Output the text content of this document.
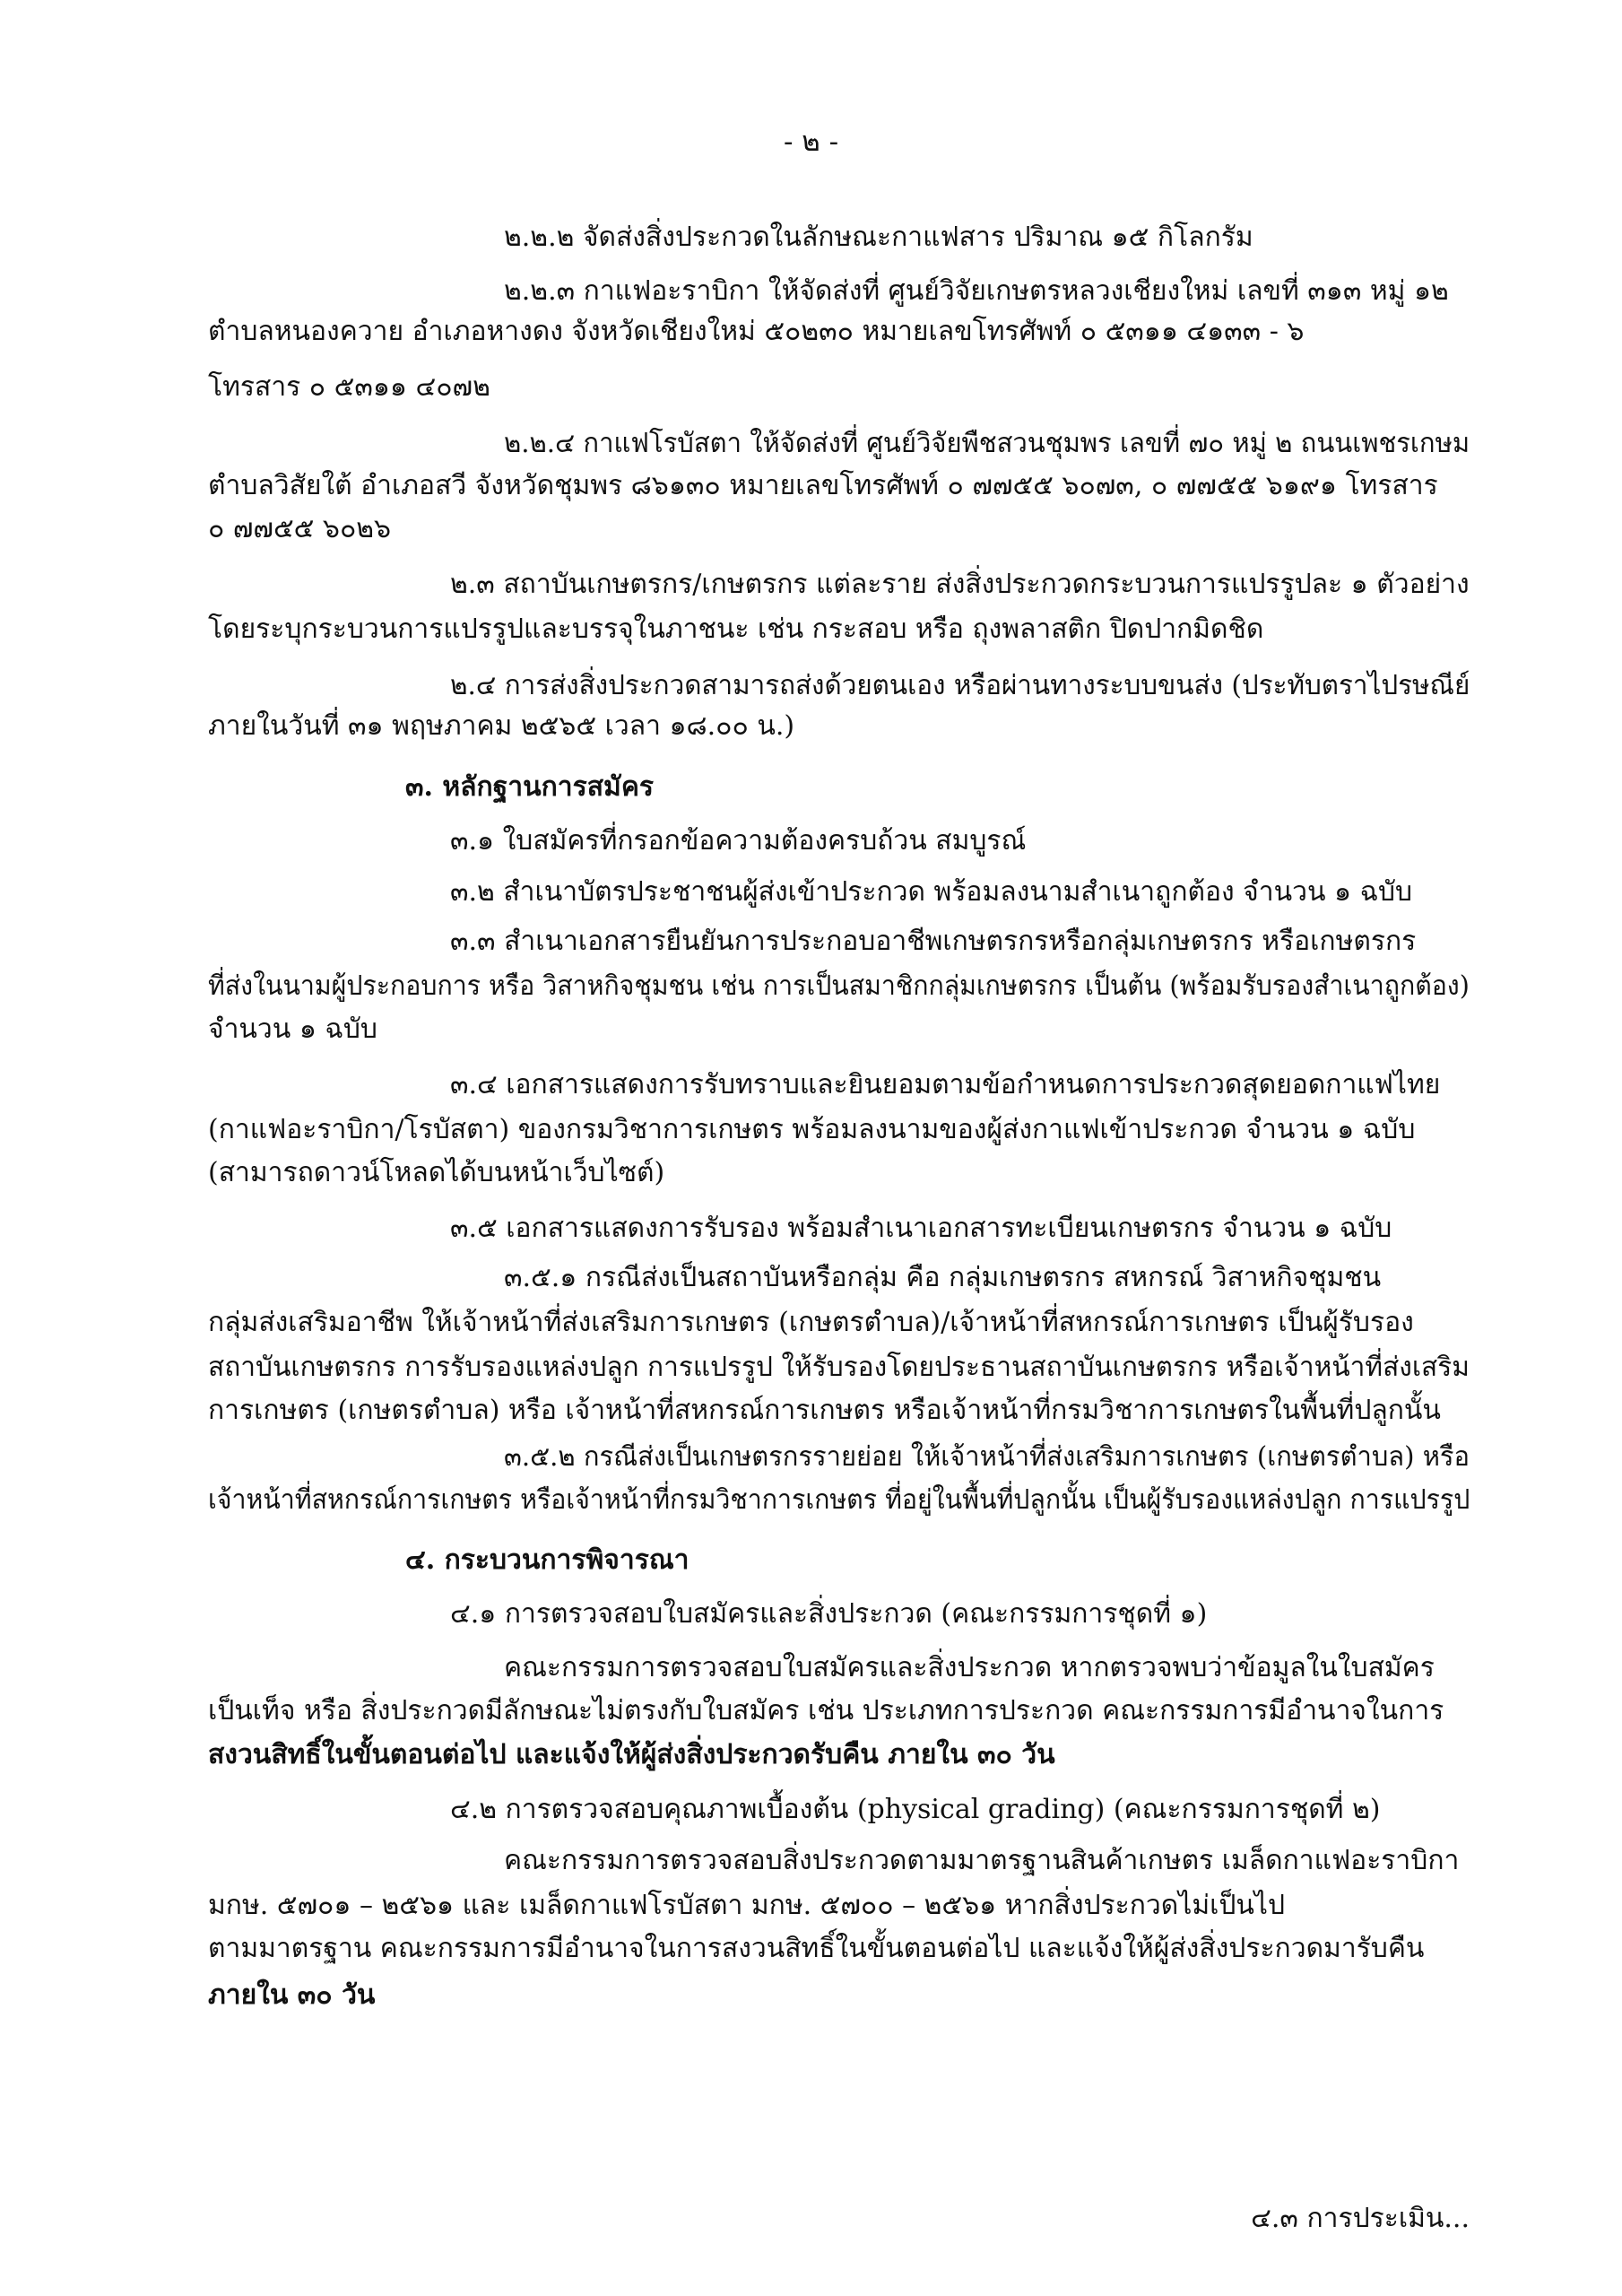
- ๒ -
๒.๒.๒ จัดส่งสิ่งประกวดในลักษณะกาแฟสาร ปริมาณ ๑๕ กิโลกรัม
๒.๒.๓ กาแฟอะราบิกา ให้จัดส่งที่ ศูนย์วิจัยเกษตรหลวงเชียงใหม่ เลขที่ ๓๑๓ หมู่ ๑๒
ตำบลหนองควาย อำเภอหางดง จังหวัดเชียงใหม่ ๕๐๒๓๐ หมายเลขโทรศัพท์ ๐ ๕๓๑๑ ๔๑๓๓ - ๖
โทรสาร ๐ ๕๓๑๑ ๔๐๗๒
๒.๒.๔ กาแฟโรบัสตา ให้จัดส่งที่ ศูนย์วิจัยพืชสวนชุมพร เลขที่ ๗๐ หมู่ ๒ ถนนเพชรเกษม
ตำบลวิสัยใต้ อำเภอสวี จังหวัดชุมพร ๘๖๑๓๐ หมายเลขโทรศัพท์ ๐ ๗๗๕๕ ๖๐๗๓, ๐ ๗๗๕๕ ๖๑๙๑ โทรสาร
๐ ๗๗๕๕ ๖๐๒๖
๒.๓ สถาบันเกษตรกร/เกษตรกร แต่ละราย ส่งสิ่งประกวดกระบวนการแปรรูปละ ๑ ตัวอย่าง
โดยระบุกระบวนการแปรรูปและบรรจุในภาชนะ เช่น กระสอบ หรือ ถุงพลาสติก ปิดปากมิดชิด
๒.๔ การส่งสิ่งประกวดสามารถส่งด้วยตนเอง หรือผ่านทางระบบขนส่ง (ประทับตราไปรษณีย์
ภายในวันที่ ๓๑ พฤษภาคม ๒๕๖๕ เวลา ๑๘.๐๐ น.)
๓. หลักฐานการสมัคร
๓.๑ ใบสมัครที่กรอกข้อความต้องครบถ้วน สมบูรณ์
๓.๒ สำเนาบัตรประชาชนผู้ส่งเข้าประกวด พร้อมลงนามสำเนาถูกต้อง จำนวน ๑ ฉบับ
๓.๓ สำเนาเอกสารยืนยันการประกอบอาชีพเกษตรกรหรือกลุ่มเกษตรกร หรือเกษตรกร
ที่ส่งในนามผู้ประกอบการ หรือ วิสาหกิจชุมชน เช่น การเป็นสมาชิกกลุ่มเกษตรกร เป็นต้น (พร้อมรับรองสำเนาถูกต้อง)
จำนวน ๑ ฉบับ
๓.๔ เอกสารแสดงการรับทราบและยินยอมตามข้อกำหนดการประกวดสุดยอดกาแฟไทย
(กาแฟอะราบิกา/โรบัสตา) ของกรมวิชาการเกษตร พร้อมลงนามของผู้ส่งกาแฟเข้าประกวด จำนวน ๑ ฉบับ
(สามารถดาวน์โหลดได้บนหน้าเว็บไซต์)
๓.๕ เอกสารแสดงการรับรอง พร้อมสำเนาเอกสารทะเบียนเกษตรกร จำนวน ๑ ฉบับ
๓.๕.๑ กรณีส่งเป็นสถาบันหรือกลุ่ม คือ กลุ่มเกษตรกร สหกรณ์ วิสาหกิจชุมชน
กลุ่มส่งเสริมอาชีพ ให้เจ้าหน้าที่ส่งเสริมการเกษตร (เกษตรตำบล)/เจ้าหน้าที่สหกรณ์การเกษตร เป็นผู้รับรอง
สถาบันเกษตรกร การรับรองแหล่งปลูก การแปรรูป ให้รับรองโดยประธานสถาบันเกษตรกร หรือเจ้าหน้าที่ส่งเสริม
การเกษตร (เกษตรตำบล) หรือ เจ้าหน้าที่สหกรณ์การเกษตร หรือเจ้าหน้าที่กรมวิชาการเกษตรในพื้นที่ปลูกนั้น
๓.๕.๒ กรณีส่งเป็นเกษตรกรรายย่อย ให้เจ้าหน้าที่ส่งเสริมการเกษตร (เกษตรตำบล) หรือ
เจ้าหน้าที่สหกรณ์การเกษตร หรือเจ้าหน้าที่กรมวิชาการเกษตร ที่อยู่ในพื้นที่ปลูกนั้น เป็นผู้รับรองแหล่งปลูก การแปรรูป
๔. กระบวนการพิจารณา
๔.๑ การตรวจสอบใบสมัครและสิ่งประกวด (คณะกรรมการชุดที่ ๑)
คณะกรรมการตรวจสอบใบสมัครและสิ่งประกวด หากตรวจพบว่าข้อมูลในใบสมัคร
เป็นเท็จ หรือ สิ่งประกวดมีลักษณะไม่ตรงกับใบสมัคร เช่น ประเภทการประกวด คณะกรรมการมีอำนาจในการ
สงวนสิทธิ์ในขั้นตอนต่อไป และแจ้งให้ผู้ส่งสิ่งประกวดรับคืน ภายใน ๓๐ วัน
๔.๒ การตรวจสอบคุณภาพเบื้องต้น (physical grading) (คณะกรรมการชุดที่ ๒)
คณะกรรมการตรวจสอบสิ่งประกวดตามมาตรฐานสินค้าเกษตร เมล็ดกาแฟอะราบิกา
มกษ. ๕๗๐๑ – ๒๕๖๑ และ เมล็ดกาแฟโรบัสตา มกษ. ๕๗๐๐ – ๒๕๖๑ หากสิ่งประกวดไม่เป็นไป
ตามมาตรฐาน คณะกรรมการมีอำนาจในการสงวนสิทธิ์ในขั้นตอนต่อไป และแจ้งให้ผู้ส่งสิ่งประกวดมารับคืน
ภายใน ๓๐ วัน
๔.๓ การประเมิน...
